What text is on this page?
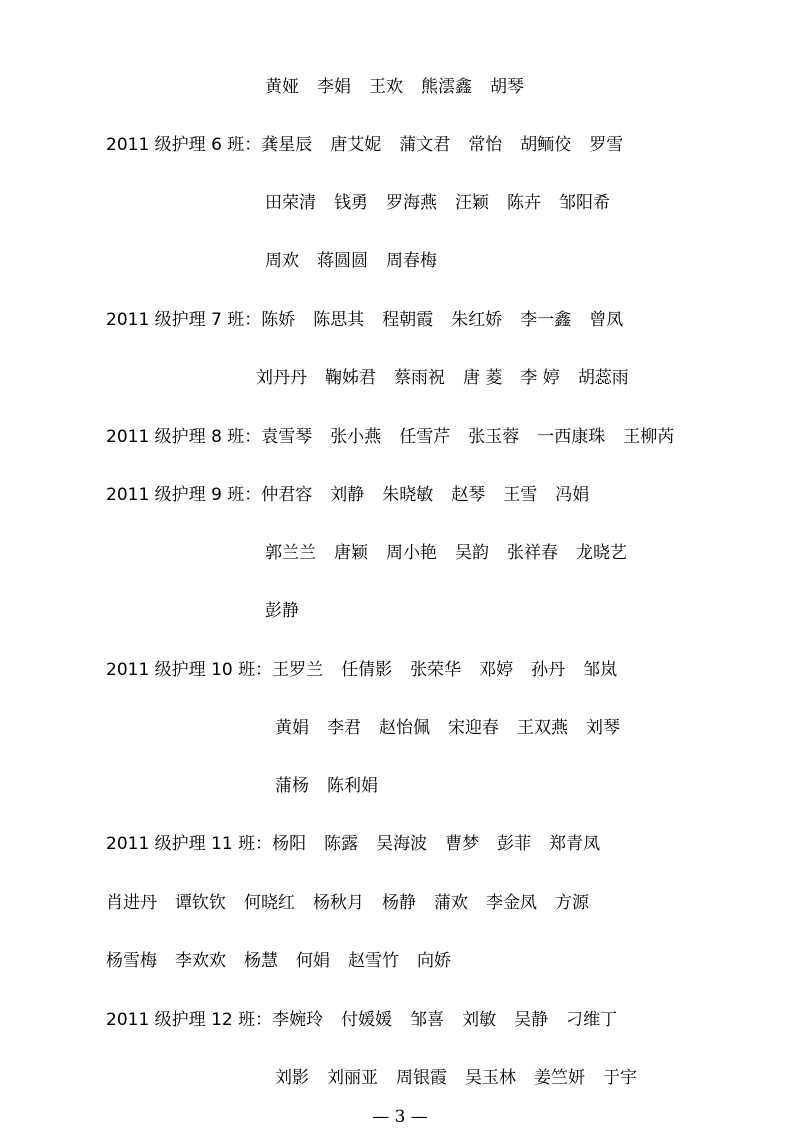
黄娅 李娟 王欢 熊澐鑫 胡琴
2011 级护理 6 班：龚星辰 唐艾妮 蒲文君 常怡 胡鲕佼 罗雪
田荣清 钱勇 罗海燕 汪颖 陈卉 邹阳希
周欢 蒋圆圆 周春梅
2011 级护理 7 班：陈娇 陈思其 程朝霞 朱红娇 李一鑫 曾凤
刘丹丹 鞠姊君 蔡雨祝 唐 菱 李 婷 胡蕊雨
2011 级护理 8 班：袁雪琴 张小燕 任雪芹 张玉蓉 一西康珠 王柳芮
2011 级护理 9 班：仲君容 刘静 朱晓敏 赵琴 王雪 冯娟
郭兰兰 唐颖 周小艳 吴韵 张祥春 龙晓艺
彭静
2011 级护理 10 班：王罗兰 任倩影 张荣华 邓婷 孙丹 邹岚
黄娟 李君 赵怡佩 宋迎春 王双燕 刘琴
蒲杨 陈利娟
2011 级护理 11 班：杨阳 陈露 吴海波 曹梦 彭菲 郑青凤
肖进丹 谭钦钦 何晓红 杨秋月 杨静 蒲欢 李金凤 方源
杨雪梅 李欢欢 杨慧 何娟 赵雪竹 向娇
2011 级护理 12 班：李婉玲 付媛媛 邹喜 刘敏 吴静 刁维丁
刘影 刘丽亚 周银霞 吴玉林 姜竺妍 于宇
— 3 —
